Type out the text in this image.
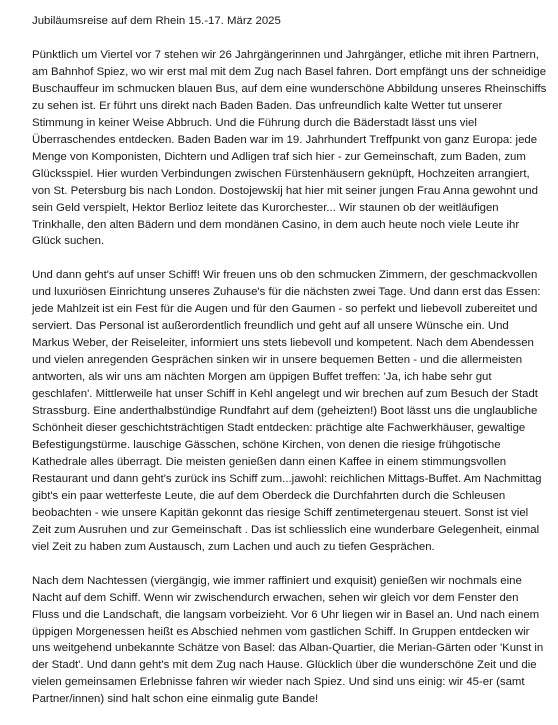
Jubiläumsreise auf dem Rhein 15.-17. März 2025

Pünktlich um Viertel vor 7 stehen wir 26 Jahrgängerinnen und Jahrgänger, etliche mit ihren Partnern, am Bahnhof Spiez, wo wir erst mal mit dem Zug nach Basel fahren. Dort empfängt uns der schneidige Buschauffeur im schmucken blauen Bus, auf dem eine wunderschöne Abbildung unseres Rheinschiffs zu sehen ist. Er führt uns direkt nach Baden Baden. Das unfreundlich kalte Wetter tut unserer Stimmung in keiner Weise Abbruch. Und die Führung durch die Bäderstadt lässt uns viel Überraschendes entdecken. Baden Baden war im 19. Jahrhundert Treffpunkt von ganz Europa: jede Menge von Komponisten, Dichtern und Adligen traf sich hier - zur Gemeinschaft, zum Baden, zum Glücksspiel. Hier wurden Verbindungen zwischen Fürstenhäusern geknüpft, Hochzeiten arrangiert, von St. Petersburg bis nach London. Dostojewskij hat hier mit seiner jungen Frau Anna gewohnt und sein Geld verspielt, Hektor Berlioz leitete das Kurorchester... Wir staunen ob der weitläufigen Trinkhalle, den alten Bädern und dem mondänen Casino, in dem auch heute noch viele Leute ihr Glück suchen.

Und dann geht's auf unser Schiff! Wir freuen uns ob den schmucken Zimmern, der geschmackvollen und luxuriösen Einrichtung unseres Zuhause's für die nächsten zwei Tage. Und dann erst das Essen: jede Mahlzeit ist ein Fest für die Augen und für den Gaumen - so perfekt und liebevoll zubereitet und serviert. Das Personal ist außerordentlich freundlich und geht auf all unsere Wünsche ein. Und Markus Weber, der Reiseleiter, informiert uns stets liebevoll und kompetent. Nach dem Abendessen und vielen anregenden Gesprächen sinken wir in unsere bequemen Betten - und die allermeisten antworten, als wir uns am nächten Morgen am üppigen Buffet treffen: 'Ja, ich habe sehr gut geschlafen'. Mittlerweile hat unser Schiff in Kehl angelegt und wir brechen auf zum Besuch der Stadt Strassburg. Eine anderthalbstündige Rundfahrt auf dem (geheizten!) Boot lässt uns die unglaubliche Schönheit dieser geschichtsträchtigen Stadt entdecken: prächtige alte Fachwerkhäuser, gewaltige Befestigungstürme. lauschige Gässchen, schöne Kirchen, von denen die riesige frühgotische Kathedrale alles überragt. Die meisten genießen dann einen Kaffee in einem stimmungsvollen Restaurant und dann geht's zurück ins Schiff zum...jawohl: reichlichen Mittags-Buffet. Am Nachmittag gibt's ein paar wetterfeste Leute, die auf dem Oberdeck die Durchfahrten durch die Schleusen beobachten - wie unsere Kapitän gekonnt das riesige Schiff zentimetergenau steuert. Sonst ist viel Zeit zum Ausruhen und zur Gemeinschaft . Das ist schliesslich eine wunderbare Gelegenheit, einmal viel Zeit zu haben zum Austausch, zum Lachen und auch zu tiefen Gesprächen.

Nach dem Nachtessen (viergängig, wie immer raffiniert und exquisit) genießen wir nochmals eine Nacht auf dem Schiff. Wenn wir zwischendurch erwachen, sehen wir gleich vor dem Fenster den Fluss und die Landschaft, die langsam vorbeizieht. Vor 6 Uhr liegen wir in Basel an. Und nach einem üppigen Morgenessen heißt es Abschied nehmen vom gastlichen Schiff. In Gruppen entdecken wir uns weitgehend unbekannte Schätze von Basel: das Alban-Quartier, die Merian-Gärten oder 'Kunst in der Stadt'. Und dann geht's mit dem Zug nach Hause. Glücklich über die wunderschöne Zeit und die vielen gemeinsamen Erlebnisse fahren wir wieder nach Spiez. Und sind uns einig: wir 45-er (samt Partner/innen) sind halt schon eine einmalig gute Bande!
